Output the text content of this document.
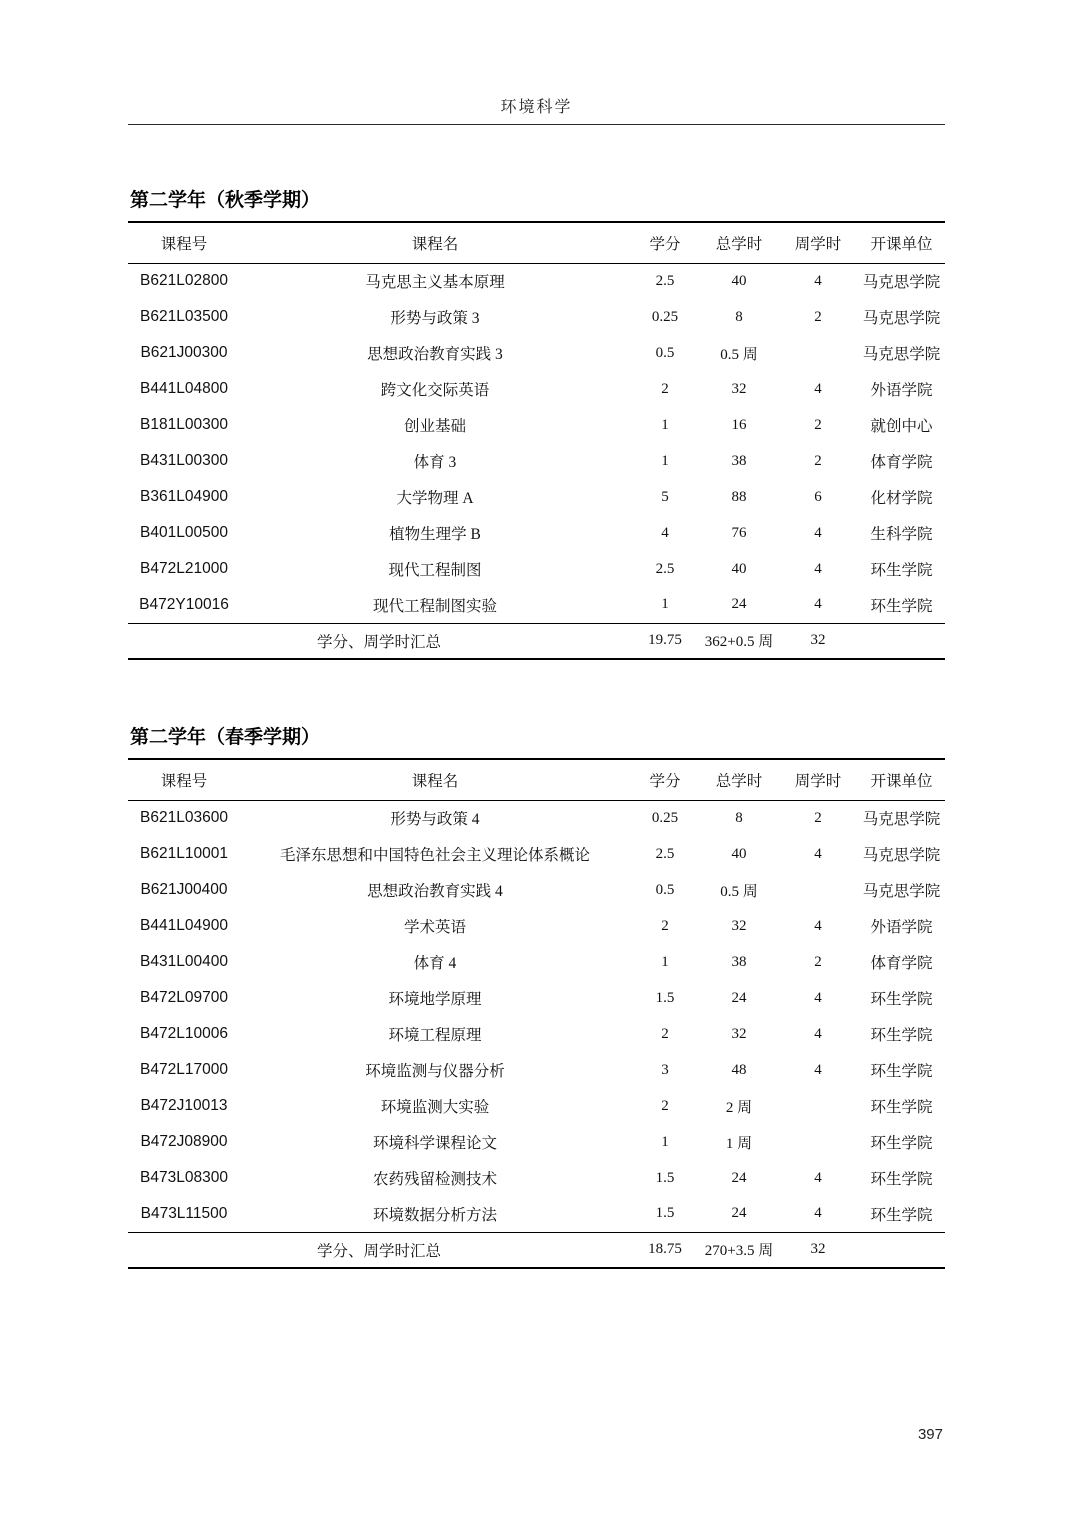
环境科学
第二学年（秋季学期）
课程号	课程名	学分	总学时	周学时	开课单位
B621L02800	马克思主义基本原理	2.5	40	4	马克思学院
B621L03500	形势与政策 3	0.25	8	2	马克思学院
B621J00300	思想政治教育实践 3	0.5	0.5 周		马克思学院
B441L04800	跨文化交际英语	2	32	4	外语学院
B181L00300	创业基础	1	16	2	就创中心
B431L00300	体育 3	1	38	2	体育学院
B361L04900	大学物理 A	5	88	6	化材学院
B401L00500	植物生理学 B	4	76	4	生科学院
B472L21000	现代工程制图	2.5	40	4	环生学院
B472Y10016	现代工程制图实验	1	24	4	环生学院
学分、周学时汇总		19.75	362+0.5 周	32	
第二学年（春季学期）
课程号	课程名	学分	总学时	周学时	开课单位
B621L03600	形势与政策 4	0.25	8	2	马克思学院
B621L10001	毛泽东思想和中国特色社会主义理论体系概论	2.5	40	4	马克思学院
B621J00400	思想政治教育实践 4	0.5	0.5 周		马克思学院
B441L04900	学术英语	2	32	4	外语学院
B431L00400	体育 4	1	38	2	体育学院
B472L09700	环境地学原理	1.5	24	4	环生学院
B472L10006	环境工程原理	2	32	4	环生学院
B472L17000	环境监测与仪器分析	3	48	4	环生学院
B472J10013	环境监测大实验	2	2 周		环生学院
B472J08900	环境科学课程论文	1	1 周		环生学院
B473L08300	农药残留检测技术	1.5	24	4	环生学院
B473L11500	环境数据分析方法	1.5	24	4	环生学院
学分、周学时汇总		18.75	270+3.5 周	32	
397
